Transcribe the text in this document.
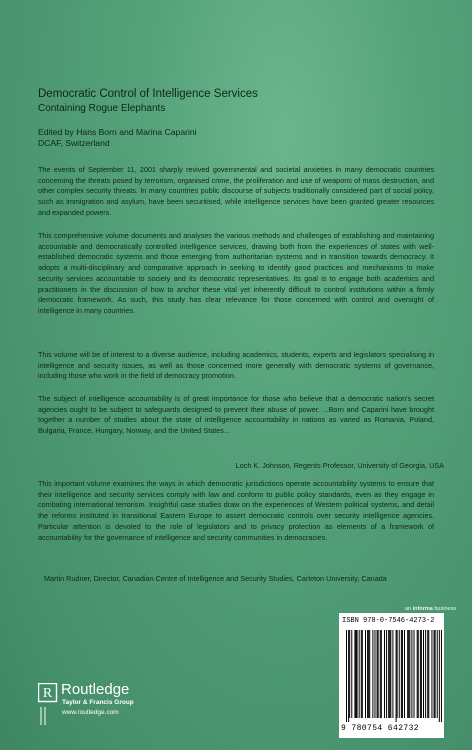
Democratic Control of Intelligence Services
Containing Rogue Elephants
Edited by Hans Born and Marina Caparini
DCAF, Switzerland
The events of September 11, 2001 sharply revived governmental and societal anxieties in many democratic countries concerning the threats posed by terrorism, organised crime, the proliferation and use of weapons of mass destruction, and other complex security threats. In many countries public discourse of subjects traditionally considered part of social policy, such as immigration and asylum, have been securitised, while intelligence services have been granted greater resources and expanded powers.
This comprehensive volume documents and analyses the various methods and challenges of establishing and maintaining accountable and democratically controlled intelligence services, drawing both from the experiences of states with well-established democratic systems and those emerging from authoritarian systems and in transition towards democracy. It adopts a multi-disciplinary and comparative approach in seeking to identify good practices and mechanisms to make security services accountable to society and its democratic representatives. Its goal is to engage both academics and practitioners in the discussion of how to anchor these vital yet inherently difficult to control institutions within a firmly democratic framework. As such, this study has clear relevance for those concerned with control and oversight of intelligence in many countries.
This volume will be of interest to a diverse audience, including academics, students, experts and legislators specialising in intelligence and security issues, as well as those concerned more generally with democratic systems of governance, including those who work in the field of democracy promotion.
The subject of intelligence accountability is of great importance for those who believe that a democratic nation's secret agencies ought to be subject to safeguards designed to prevent their abuse of power. ...Born and Caparini have brought together a number of studies about the state of intelligence accountability in nations as varied as Romania, Poland, Bulgaria, France, Hungary, Norway, and the United States...
Loch K. Johnson, Regents Professor, University of Georgia, USA
This important volume examines the ways in which democratic jurisdictions operate accountability systems to ensure that their intelligence and security services comply with law and conform to public policy standards, even as they engage in combating international terrorism. Insightful case studies draw on the experiences of Western political systems, and detail the reforms instituted in transitional Eastern Europe to assert democratic controls over security intelligence agencies. Particular attention is devoted to the role of legislators and to privacy protection as elements of a framework of accountability for the governance of intelligence and security communities in democracies.
Martin Rudner, Director, Canadian Centre of Intelligence and Security Studies, Carleton University, Canada
an informa business
ISBN 978-0-7546-4273-2
9 780754 642732
R Routledge
Taylor & Francis Group
www.routledge.com
